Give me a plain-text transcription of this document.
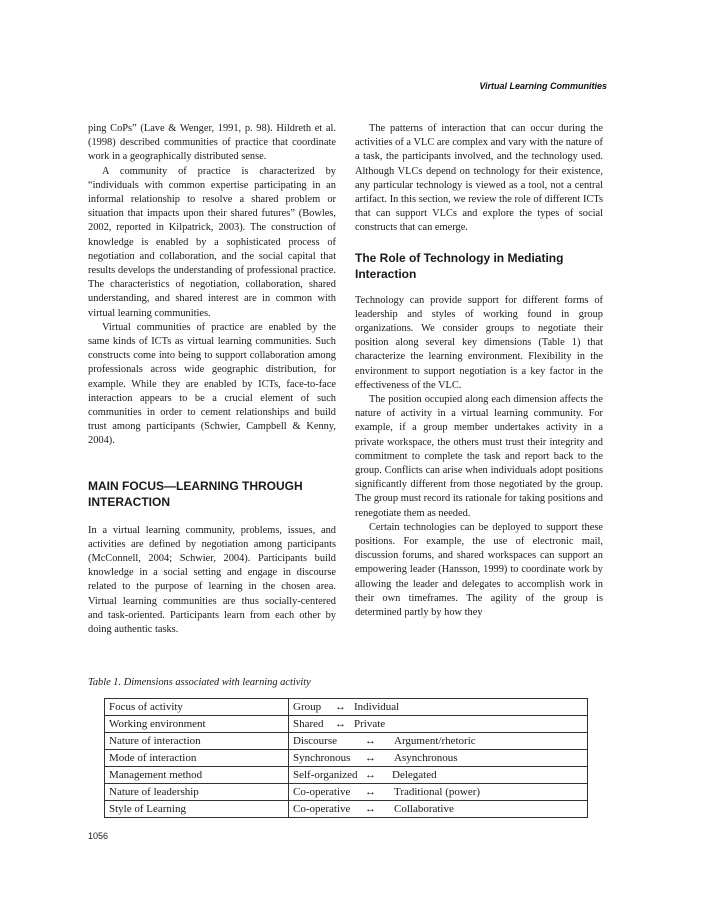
Virtual Learning Communities

ping CoPs” (Lave & Wenger, 1991, p. 98). Hildreth et al. (1998) described communities of practice that coordinate work in a geographically distributed sense.

A community of practice is characterized by “individuals with common expertise participating in an informal relationship to resolve a shared problem or situation that impacts upon their shared futures” (Bowles, 2002, reported in Kilpatrick, 2003). The construction of knowledge is enabled by a sophisticated process of negotiation and collaboration, and the social capital that results develops the understanding of professional practice. The characteristics of negotiation, collaboration, shared understanding, and shared interest are in common with virtual learning communities.

Virtual communities of practice are enabled by the same kinds of ICTs as virtual learning communities. Such constructs come into being to support collaboration among professionals across wide geographic distribution, for example. While they are enabled by ICTs, face-to-face interaction appears to be a crucial element of such communities in order to cement relationships and build trust among participants (Schwier, Campbell & Kenny, 2004).

MAIN FOCUS—LEARNING THROUGH INTERACTION

In a virtual learning community, problems, issues, and activities are defined by negotiation among participants (McConnell, 2004; Schwier, 2004). Participants build knowledge in a social setting and engage in discourse related to the purpose of learning in the chosen area. Virtual learning communities are thus socially-centered and task-oriented. Participants learn from each other by doing authentic tasks.

The patterns of interaction that can occur during the activities of a VLC are complex and vary with the nature of a task, the participants involved, and the technology used. Although VLCs depend on technology for their existence, any particular technology is viewed as a tool, not a central artifact. In this section, we review the role of different ICTs that can support VLCs and explore the types of social constructs that can emerge.

The Role of Technology in Mediating Interaction

Technology can provide support for different forms of leadership and styles of working found in group organizations. We consider groups to negotiate their position along several key dimensions (Table 1) that characterize the learning environment. Flexibility in the environment to support negotiation is a key factor in the effectiveness of the VLC.

The position occupied along each dimension affects the nature of activity in a virtual learning community. For example, if a group member undertakes activity in a private workspace, the others must trust their integrity and commitment to complete the task and report back to the group. Conflicts can arise when individuals adopt positions significantly different from those negotiated by the group. The group must record its rationale for taking positions and renegotiate them as needed.

Certain technologies can be deployed to support these positions. For example, the use of electronic mail, discussion forums, and shared workspaces can support an empowering leader (Hansson, 1999) to coordinate work by allowing the leader and delegates to accomplish work in their own timeframes. The agility of the group is determined partly by how they

Table 1. Dimensions associated with learning activity
Focus of activity	Group ↔ Individual

Working environment	Shared ↔ Private

Nature of interaction	Discourse ↔ Argument/rhetoric

Mode of interaction	Synchronous ↔ Asynchronous

Management method	Self-organized ↔ Delegated

Nature of leadership	Co-operative ↔ Traditional (power)

Style of Learning	Co-operative ↔ Collaborative
1056
